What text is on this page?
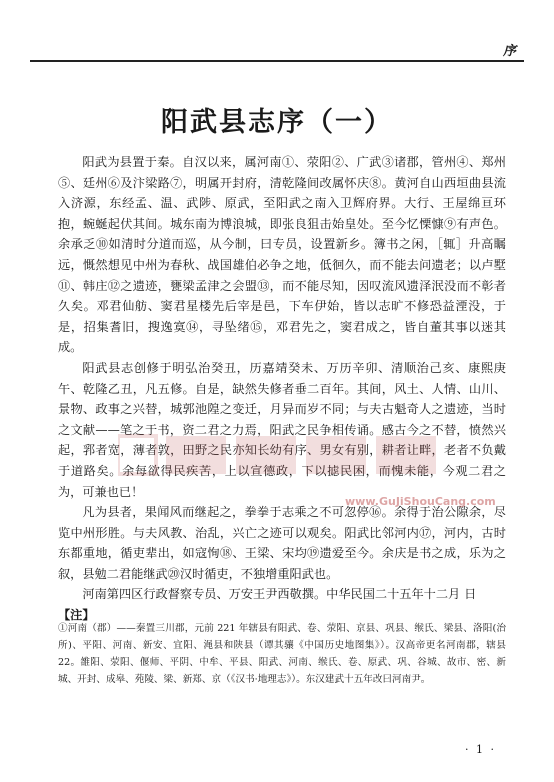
序
阳武县志序（一）

阳武为县置于秦。自汉以来，属河南①、荥阳②、广武③诸郡，管州④、郑州⑤、廷州⑥及汴梁路⑦，明属开封府，清乾隆间改属怀庆⑧。黄河自山西垣曲县流入济源，东经孟、温、武陟、原武，至阳武之南入卫辉府界。大行、王屋绵亘环抱，蜿蜒起伏其间。城东南为博浪城，即张良狙击始皇处。至今忆慄慷⑨有声色。余承乏⑩如清时分道而巡，从今制，曰专员，设置新乡。簿书之闲，［辄］升高瞩远，慨然想见中州为春秋、战国雄伯必争之地，低徊久，而不能去问遗老；以卢墅⑪、韩庄⑫之遗迹，甕梁孟津之会盟⑬，而不能尽知，因叹流风遗泽泯没而不彰者久矣。邓君仙舫、窦君星楼先后宰是邑，下车伊始，皆以志旷不修恐益湮没，于是，招集耆旧，搜逸寞⑭，寻坠绪⑮，邓君先之，窦君成之，皆自董其事以迷其成。

阳武县志创修于明弘治癸丑，历嘉靖癸未、万历辛卯、清顺治己亥、康熙庚午、乾隆乙丑，凡五修。自是，缺然失修者垂二百年。其间，风土、人情、山川、景物、政事之兴替，城郭池隍之变迁，月异而岁不同；与夫古魁奇人之遗迹，当时之文献——笔之于书，资二君之力焉，阳武之民争相传诵。感古今之不替，愤然兴起，郛者宽，薄者敦，田野之民亦知长幼有序、男女有别，耕者让畔，老者不负戴于道路矣。余每欲得民疾苦，上以宣德政，下以摅民困，而愧未能，今观二君之为，可兼也已！

凡为县者，果闻风而继起之，拳拳于志乘之不可忽停⑯。余得于治公隙余，尽览中州形胜。与夫风教、治乱，兴亡之迹可以观矣。阳武比邻河内⑰，河内，古时东都重地，循吏辈出，如寇恂⑱、王梁、宋均⑲遗爱至今。余庆是书之成，乐为之叙，县勉二君能继武⑳汉时循吏，不独增重阳武也。

河南第四区行政督察专员、万安王尹西敬撰。中华民国二十五年十二月 日

【注】

www.GuJiShouCang.com

①河南（郡）——秦置三川郡，元前 221 年辖县有阳武、卷、荥阳、京县、巩县、缑氏、梁县、洛阳(治所)、平阳、河南、新安、宜阳、渑县和陕县（谭其骧《中国历史地图集》）。汉高帝更名河南郡，辖县 22。雒阳、荥阳、偃师、平阴、中牟、平县、阳武、河南、缑氏、卷、原武、巩、谷城、故市、密、新城、开封、成皋、苑陵、梁、新郑、京（《汉书·地理志》）。东汉建武十五年改曰河南尹。

· 1 ·
